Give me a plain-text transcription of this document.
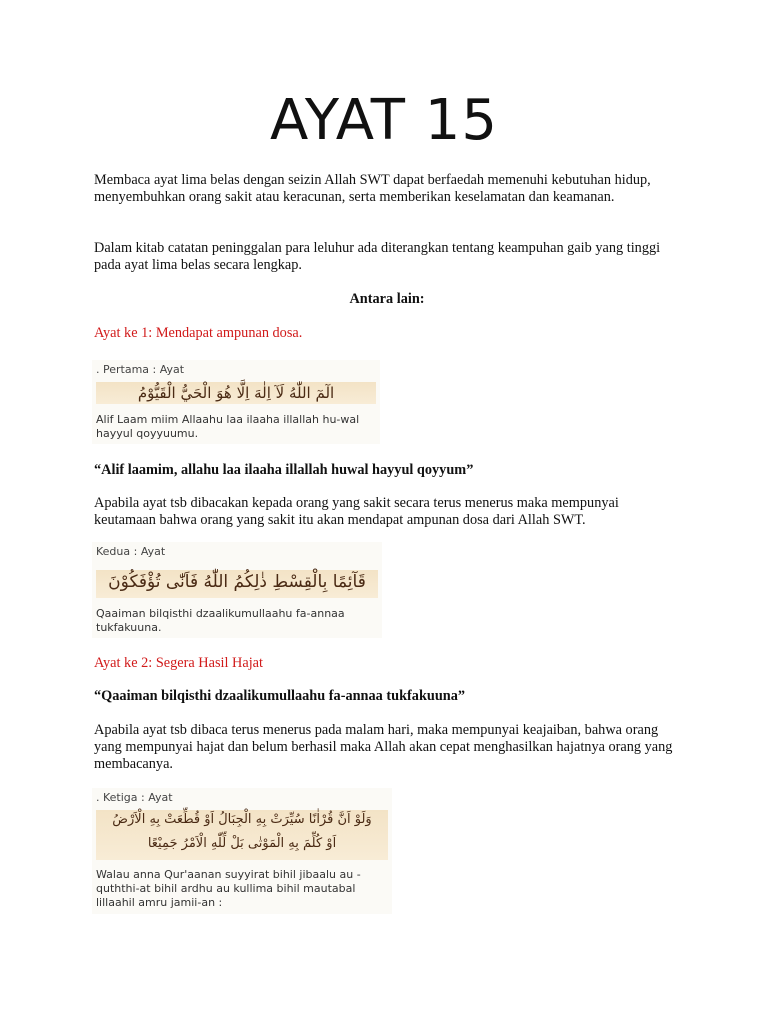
AYAT 15

Membaca ayat lima belas dengan seizin Allah SWT dapat berfaedah memenuhi kebutuhan hidup, menyembuhkan orang sakit atau keracunan, serta memberikan keselamatan dan keamanan.

Dalam kitab catatan peninggalan para leluhur ada diterangkan tentang keampuhan gaib yang tinggi pada ayat lima belas secara lengkap.

Antara lain:

Ayat ke 1: Mendapat ampunan dosa.

. Pertama : Ayat
الٓمٓ اللّٰهُ لَآ اِلٰهَ اِلَّا هُوَ الْحَيُّ الْقَيُّوْمُ
Alif Laam miim Allaahu laa ilaaha illallah hu-wal hayyul qoyyuumu.

“Alif laamim, allahu laa ilaaha illallah huwal hayyul qoyyum”

Apabila ayat tsb dibacakan kepada orang yang sakit secara terus menerus maka mempunyai keutamaan bahwa orang yang sakit itu akan mendapat ampunan dosa dari Allah SWT.

Kedua : Ayat
قَآئِمًا بِالْقِسْطِ ذٰلِكُمُ اللّٰهُ فَاَنّٰى تُؤْفَكُوْنَ
Qaaiman bilqisthi dzaalikumullaahu fa-annaa tukfakuuna.

Ayat ke 2: Segera Hasil Hajat

“Qaaiman bilqisthi dzaalikumullaahu fa-annaa tukfakuuna”

Apabila ayat tsb dibaca terus menerus pada malam hari, maka mempunyai keajaiban, bahwa orang yang mempunyai hajat dan belum berhasil maka Allah akan cepat menghasilkan hajatnya orang yang membacanya.

. Ketiga : Ayat
وَلَوْ اَنَّ قُرْاٰنًا سُيِّرَتْ بِهِ الْجِبَالُ اَوْ قُطِّعَتْ بِهِ الْاَرْضُ
اَوْ كُلِّمَ بِهِ الْمَوْتٰى بَلْ لِّلّٰهِ الْاَمْرُ جَمِيْعًا
Walau anna Qur'aanan suyyirat bihil jibaalu au - quththi-at bihil ardhu au kullima bihil mautabal lillaahil amru jamii-an :
